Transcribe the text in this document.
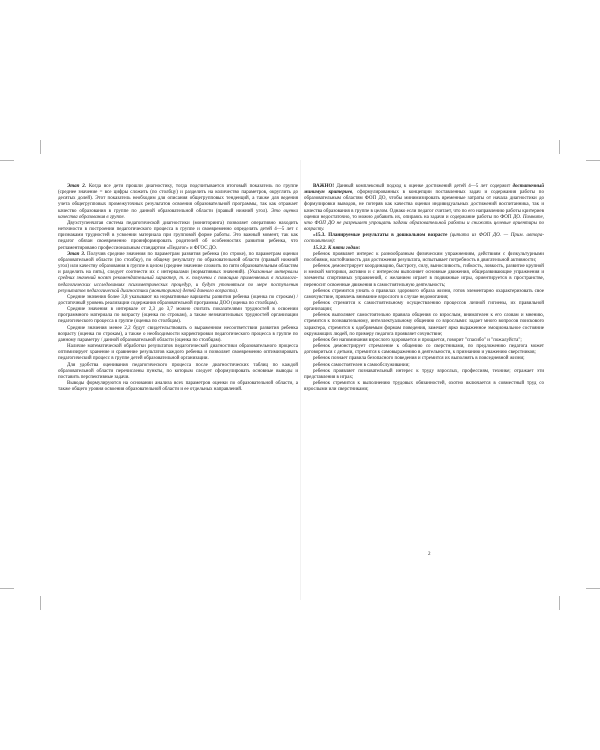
Этап 2. Когда все дети прошли диагностику, тогда подсчитывается итоговый показатель по группе (среднее значение = все цифры сложить (по столбцу) и разделить на количество параметров, округлить до десятых долей). Этот показатель необходим для описания общегрупповых тенденций, а также для ведения учета общегрупповых промежуточных результатов освоения образовательной программы, так как отражает качество образования в группе по данной образовательной области (правый нижний угол). Это оценка качества образования в группе.

Двухступенчатая система педагогической диагностики (мониторинга) позволяет оперативно находить неточности в построении педагогического процесса в группе и своевременно определять детей 4—5 лет с признаками трудностей в усвоении материала при групповой форме работы. Это важный момент, так как педагог обязан своевременно проинформировать родителей об особенностях развития ребенка, что регламентировано профессиональным стандартом «Педагог» и ФГОС ДО.

Этап 3. Получив средние значения по параметрам развития ребенка (по строке), по параметрам оценки образовательной области (по столбцу), по общему результату по образовательной области (правый нижний угол) или качеству образования в группе в целом (среднее значение сложить по пяти образовательным областям и разделить на пять), следует соотнести их с интервалами (нормативных значений). (Указанные интервалы средних значений носят рекомендательный характер, т. к. получены с помощью применяемых в психолого-педагогических исследованиях психометрических процедур, и будут уточняться по мере поступления результатов педагогической диагностики (мониторинга) детей данного возраста).

Средние значения более 3,8 указывают на нормативные варианты развития ребенка (оценка по строкам) / достаточный уровень реализации содержания образовательной программы ДОО (оценка по столбцам).

Средние значения в интервале от 2,3 до 3,7 можно считать показателями трудностей в освоении программного материала по возрасту (оценка по строкам), а также незначительных трудностей организации педагогического процесса в группе (оценка по столбцам).

Средние значения менее 2,2 будут свидетельствовать о выраженном несоответствии развития ребенка возрасту (оценка по строкам), а также о необходимости корректировки педагогического процесса в группе по данному параметру / данной образовательной области (оценка по столбцам).

Наличие математической обработки результатов педагогической диагностики образовательного процесса оптимизирует хранение и сравнение результатов каждого ребенка и позволяет своевременно оптимизировать педагогический процесс в группе детей образовательной организации.

Для удобства оценивания педагогического процесса после диагностических таблиц по каждой образовательной области перечислены пункты, по которым следует сформулировать основные выводы и поставить перспективные задачи.

Выводы формулируются на основании анализа всех параметров оценки по образовательной области, а также общего уровня освоения образовательной области и ее отдельных направлений.

ВАЖНО! Данный комплексный подход к оценке достижений детей 4—5 лет содержит достаточный минимум критериев, сформулированных в концепции поставленных задач и содержания работы по образовательным областям ФОП ДО, чтобы минимизировать временные затраты от начала диагностики до формулировки выводов, не потеряв как качества оценки индивидуальных достижений воспитанника, так и качества образования в группе в целом. Однако если педагог считает, что по его направлению работы критериев оценки недостаточно, то можно добавить их, опираясь на задачи и содержание работы по ФОП ДО. Помните, что ФОП ДО не разрешает упрощать задачи образовательной работы и снижать целевые ориентиры по возрасту.

«15.3. Планируемые результаты в дошкольном возрасте (цитата из ФОП ДО. — Прим. автора-составителя):

15.3.2. К пяти годам:

ребенок проявляет интерес к разнообразным физическим упражнениям, действиям с физкультурными пособиями, настойчивость для достижения результата, испытывает потребность в двигательной активности;

ребенок демонстрирует координацию, быстроту, силу, выносливость, гибкость, ловкость, развитие крупной и мелкой моторики, активно и с интересом выполняет основные движения, общеразвивающие упражнения и элементы спортивных упражнений, с желанием играет в подвижные игры, ориентируется в пространстве, переносит освоенные движения в самостоятельную деятельность;

ребенок стремится узнать о правилах здорового образа жизни, готов элементарно охарактеризовать свое самочувствие, привлечь внимание взрослого в случае недомогания;

ребенок стремится к самостоятельному осуществлению процессов личной гигиены, их правильной организации;

ребенок выполняет самостоятельно правила общения со взрослым, внимателен к его словам и мнению, стремится к познавательному, интеллектуальному общению со взрослыми: задает много вопросов поискового характера, стремится к одобряемым формам поведения, замечает ярко выраженное эмоциональное состояние окружающих людей, по примеру педагога проявляет сочувствие;

ребенок без напоминания взрослого здоровается и прощается, говорит "спасибо" и "пожалуйста";

ребенок демонстрирует стремление к общению со сверстниками, по предложению педагога может договориться с детьми, стремится к самовыражению в деятельности, к признанию и уважению сверстников;

ребенок познает правила безопасного поведения и стремится их выполнять в повседневной жизни;

ребенок самостоятелен в самообслуживании;

ребенок проявляет познавательный интерес к труду взрослых, профессиям, технике; отражает эти представления в играх;

ребенок стремится к выполнению трудовых обязанностей, охотно включается в совместный труд со взрослыми или сверстниками;

2
